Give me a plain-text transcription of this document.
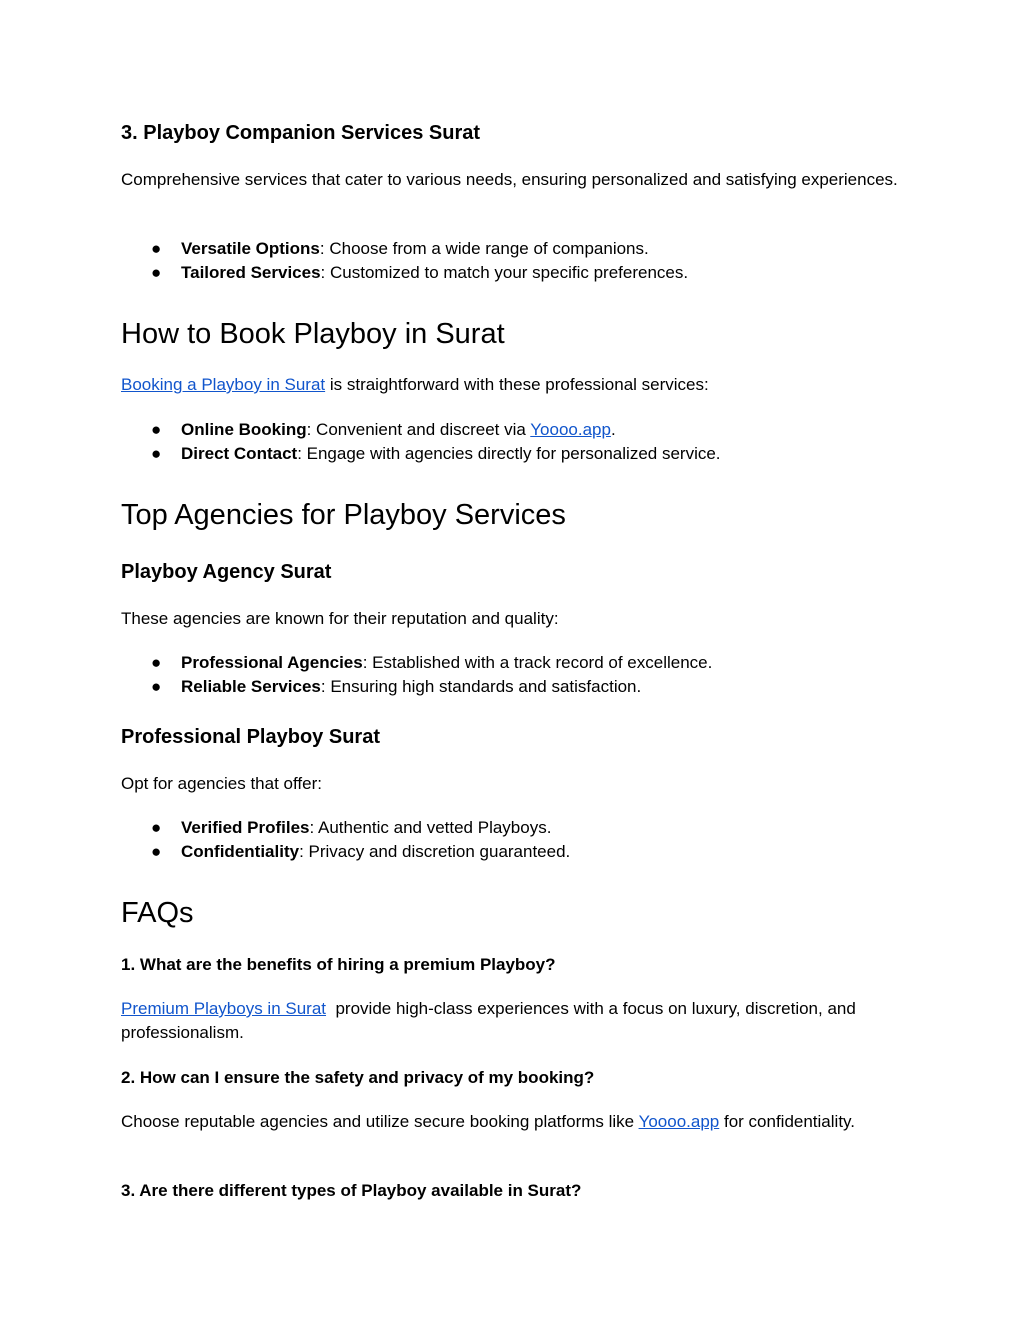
3. Playboy Companion Services Surat

Comprehensive services that cater to various needs, ensuring personalized and satisfying experiences.

● Versatile Options: Choose from a wide range of companions.
● Tailored Services: Customized to match your specific preferences.
How to Book Playboy in Surat

Booking a Playboy in Surat is straightforward with these professional services:

● Online Booking: Convenient and discreet via Yoooo.app.
● Direct Contact: Engage with agencies directly for personalized service.
Top Agencies for Playboy Services
Playboy Agency Surat

These agencies are known for their reputation and quality:

● Professional Agencies: Established with a track record of excellence.
● Reliable Services: Ensuring high standards and satisfaction.
Professional Playboy Surat

Opt for agencies that offer:

● Verified Profiles: Authentic and vetted Playboys.
● Confidentiality: Privacy and discretion guaranteed.
FAQs
1. What are the benefits of hiring a premium Playboy?

Premium Playboys in Surat  provide high-class experiences with a focus on luxury, discretion, and professionalism.

2. How can I ensure the safety and privacy of my booking?

Choose reputable agencies and utilize secure booking platforms like Yoooo.app for confidentiality.

3. Are there different types of Playboy available in Surat?
